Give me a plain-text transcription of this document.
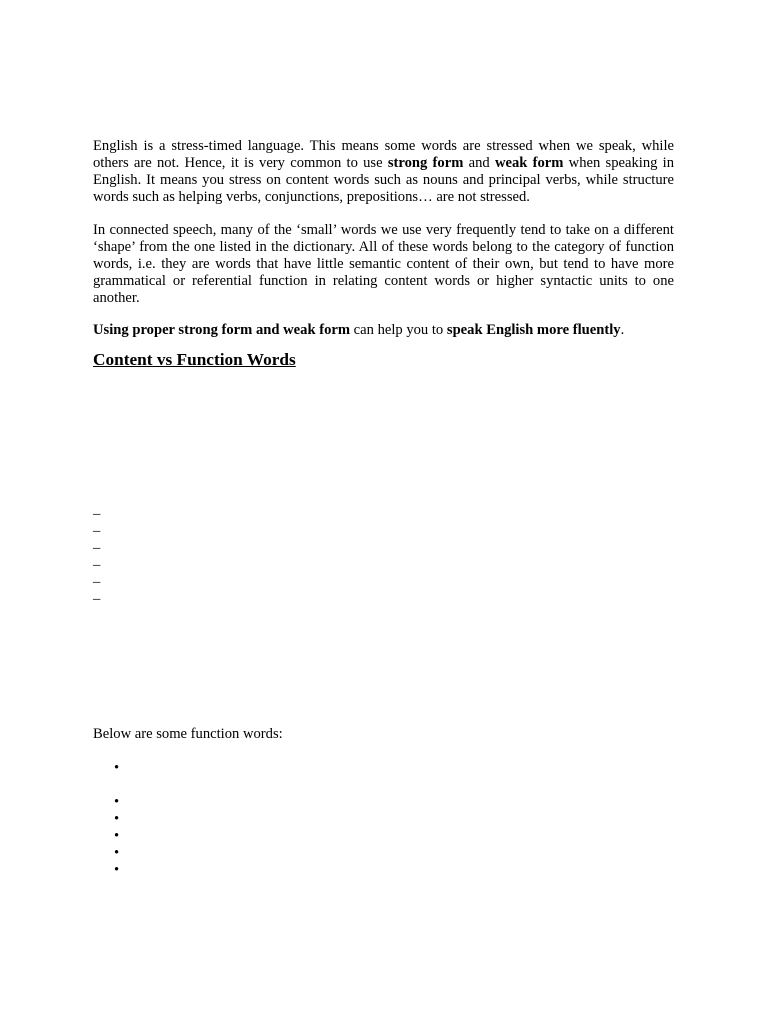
English is a stress-timed language. This means some words are stressed when we speak, while others are not. Hence, it is very common to use strong form and weak form when speaking in English. It means you stress on content words such as nouns and principal verbs, while structure words such as helping verbs, conjunctions, prepositions… are not stressed.

In connected speech, many of the ‘small’ words we use very frequently tend to take on a different ‘shape’ from the one listed in the dictionary. All of these words belong to the category of function words, i.e. they are words that have little semantic content of their own, but tend to have more grammatical or referential function in relating content words or higher syntactic units to one another.

Using proper strong form and weak form can help you to speak English more fluently.

Content vs Function Words
–
–
–
–
–
–

Below are some function words:

•
•
•
•
•
•
